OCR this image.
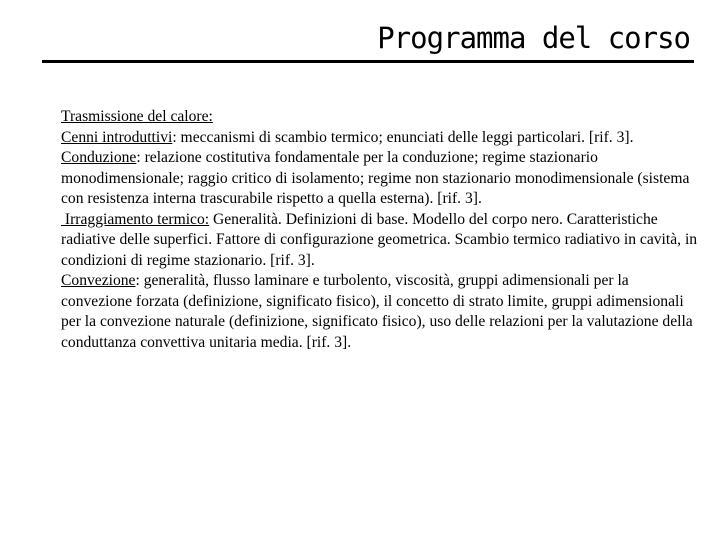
Programma del corso

Trasmissione del calore:

Cenni introduttivi: meccanismi di scambio termico; enunciati delle leggi particolari. [rif. 3].

Conduzione: relazione costitutiva fondamentale per la conduzione; regime stazionario monodimensionale; raggio critico di isolamento; regime non stazionario monodimensionale (sistema con resistenza interna trascurabile rispetto a quella esterna). [rif. 3].

Irraggiamento termico: Generalità. Definizioni di base. Modello del corpo nero. Caratteristiche radiative delle superfici. Fattore di configurazione geometrica. Scambio termico radiativo in cavità, in condizioni di regime stazionario. [rif. 3].

Convezione: generalità, flusso laminare e turbolento, viscosità, gruppi adimensionali per la convezione forzata (definizione, significato fisico), il concetto di strato limite, gruppi adimensionali per la convezione naturale (definizione, significato fisico), uso delle relazioni per la valutazione della conduttanza convettiva unitaria media. [rif. 3].
